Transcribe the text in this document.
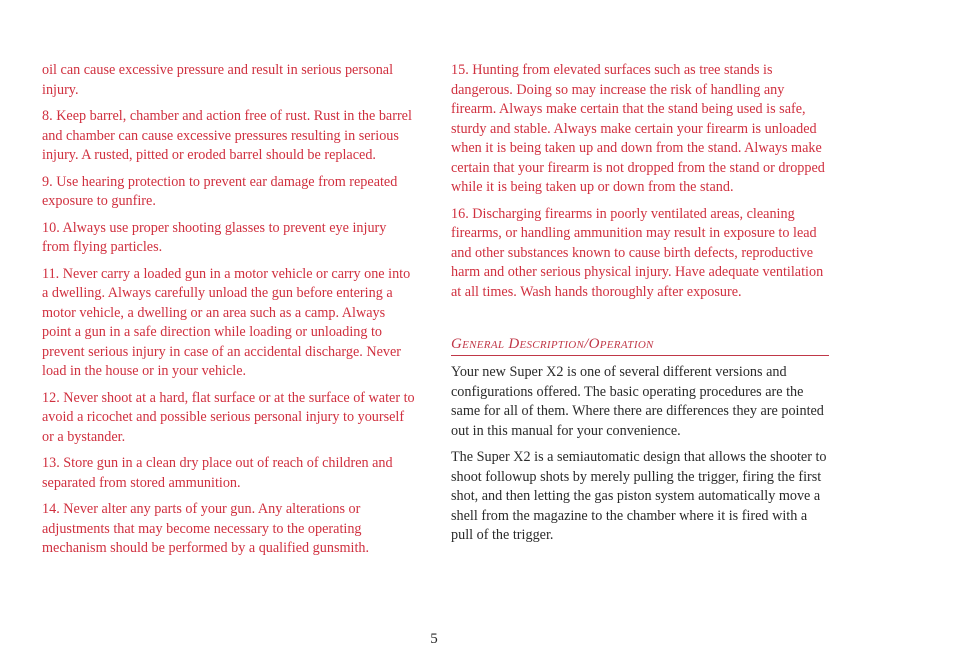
oil can cause excessive pressure and result in serious personal injury.

8. Keep barrel, chamber and action free of rust. Rust in the barrel and chamber can cause excessive pressures resulting in serious injury. A rusted, pitted or eroded barrel should be replaced.

9. Use hearing protection to prevent ear damage from repeated exposure to gunfire.

10. Always use proper shooting glasses to prevent eye injury from flying particles.

11. Never carry a loaded gun in a motor vehicle or carry one into a dwelling. Always carefully unload the gun before entering a motor vehicle, a dwelling or an area such as a camp. Always point a gun in a safe direction while loading or unloading to prevent serious injury in case of an accidental discharge. Never load in the house or in your vehicle.

12. Never shoot at a hard, flat surface or at the surface of water to avoid a ricochet and possible serious personal injury to yourself or a bystander.

13. Store gun in a clean dry place out of reach of children and separated from stored ammunition.

14. Never alter any parts of your gun. Any alterations or adjustments that may become necessary to the operating mechanism should be performed by a qualified gunsmith.

15. Hunting from elevated surfaces such as tree stands is dangerous. Doing so may increase the risk of handling any firearm. Always make certain that the stand being used is safe, sturdy and stable. Always make certain your firearm is unloaded when it is being taken up and down from the stand. Always make certain that your firearm is not dropped from the stand or dropped while it is being taken up or down from the stand.

16. Discharging firearms in poorly ventilated areas, cleaning firearms, or handling ammunition may result in exposure to lead and other substances known to cause birth defects, reproductive harm and other serious physical injury. Have adequate ventilation at all times. Wash hands thoroughly after exposure.

General Description/Operation

Your new Super X2 is one of several different versions and configurations offered. The basic operating procedures are the same for all of them. Where there are differences they are pointed out in this manual for your convenience.

The Super X2 is a semiautomatic design that allows the shooter to shoot followup shots by merely pulling the trigger, firing the first shot, and then letting the gas piston system automatically move a shell from the magazine to the chamber where it is fired with a pull of the trigger.

5
